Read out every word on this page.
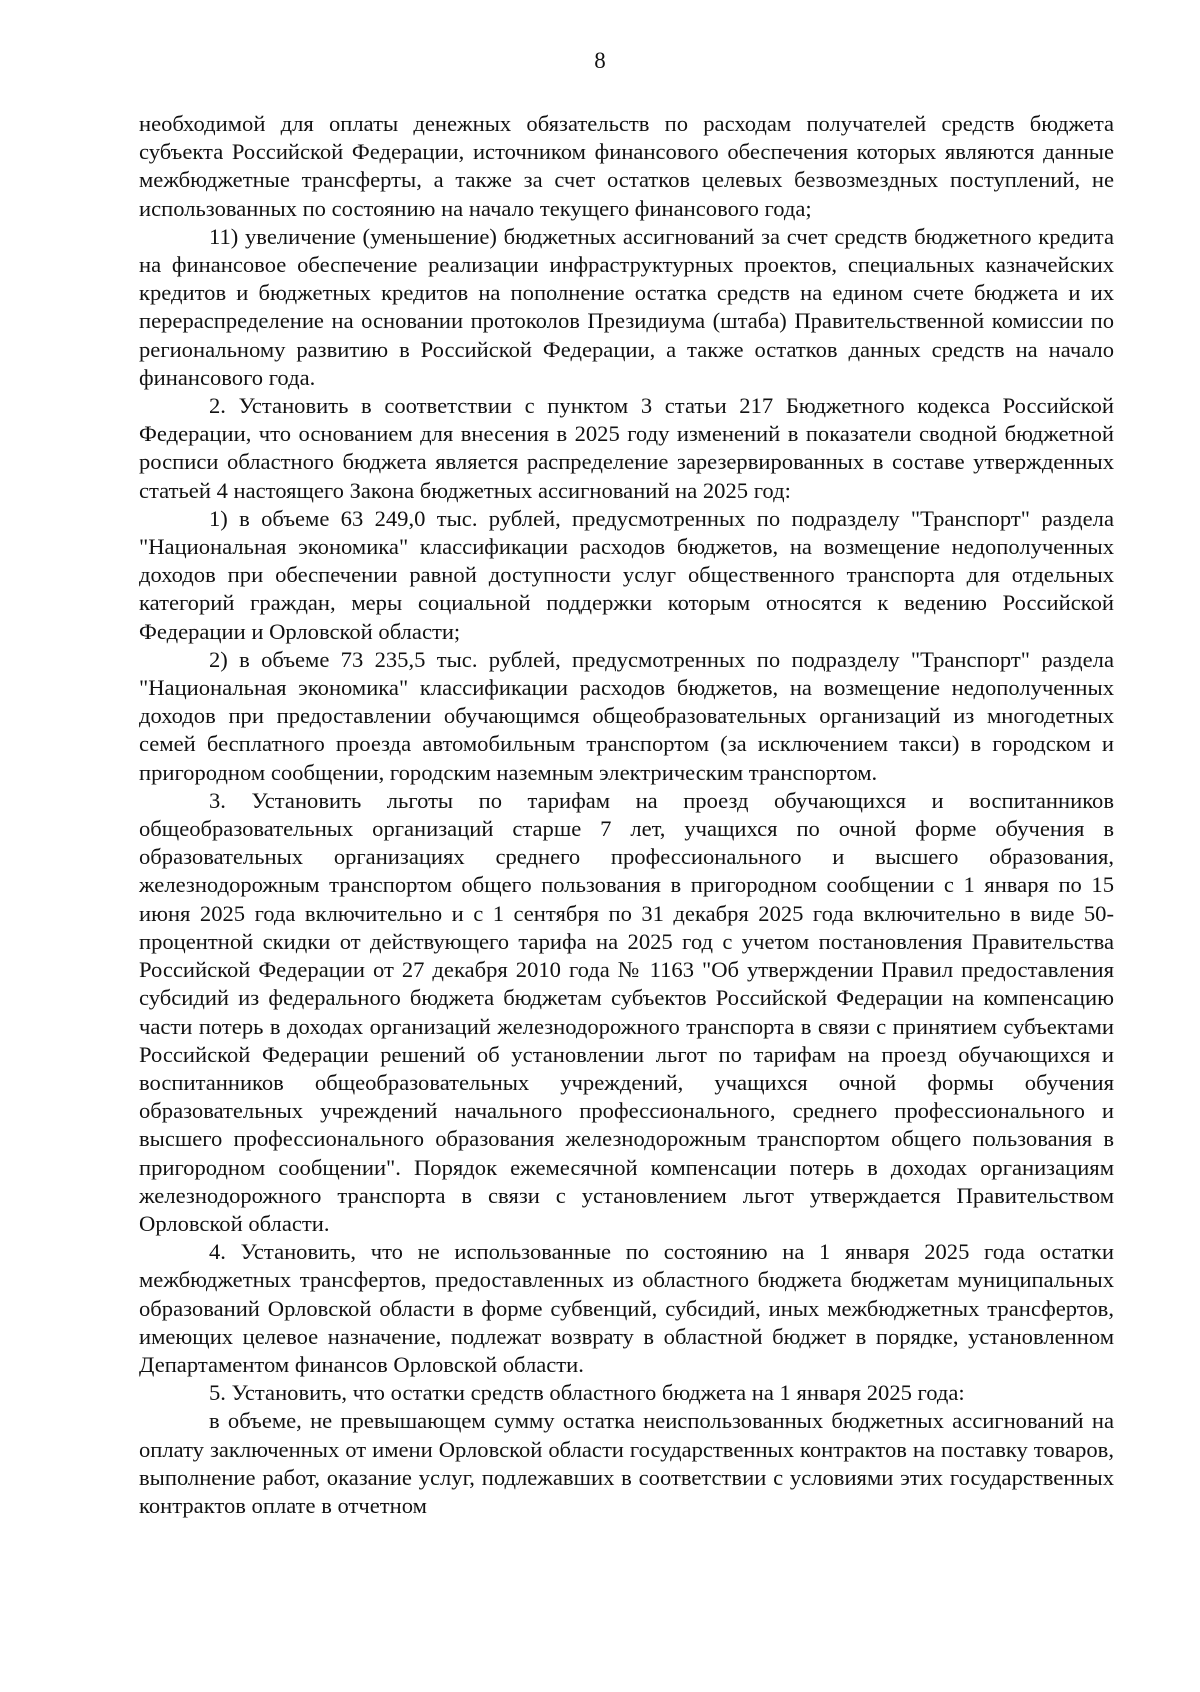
8

необходимой для оплаты денежных обязательств по расходам получателей средств бюджета субъекта Российской Федерации, источником финансового обеспечения которых являются данные межбюджетные трансферты, а также за счет остатков целевых безвозмездных поступлений, не использованных по состоянию на начало текущего финансового года;

11) увеличение (уменьшение) бюджетных ассигнований за счет средств бюджетного кредита на финансовое обеспечение реализации инфраструктурных проектов, специальных казначейских кредитов и бюджетных кредитов на пополнение остатка средств на едином счете бюджета и их перераспределение на основании протоколов Президиума (штаба) Правительственной комиссии по региональному развитию в Российской Федерации, а также остатков данных средств на начало финансового года.

2. Установить в соответствии с пунктом 3 статьи 217 Бюджетного кодекса Российской Федерации, что основанием для внесения в 2025 году изменений в показатели сводной бюджетной росписи областного бюджета является распределение зарезервированных в составе утвержденных статьей 4 настоящего Закона бюджетных ассигнований на 2025 год:

1) в объеме 63 249,0 тыс. рублей, предусмотренных по подразделу "Транспорт" раздела "Национальная экономика" классификации расходов бюджетов, на возмещение недополученных доходов при обеспечении равной доступности услуг общественного транспорта для отдельных категорий граждан, меры социальной поддержки которым относятся к ведению Российской Федерации и Орловской области;

2) в объеме 73 235,5 тыс. рублей, предусмотренных по подразделу "Транспорт" раздела "Национальная экономика" классификации расходов бюджетов, на возмещение недополученных доходов при предоставлении обучающимся общеобразовательных организаций из многодетных семей бесплатного проезда автомобильным транспортом (за исключением такси) в городском и пригородном сообщении, городским наземным электрическим транспортом.

3. Установить льготы по тарифам на проезд обучающихся и воспитанников общеобразовательных организаций старше 7 лет, учащихся по очной форме обучения в образовательных организациях среднего профессионального и высшего образования, железнодорожным транспортом общего пользования в пригородном сообщении с 1 января по 15 июня 2025 года включительно и с 1 сентября по 31 декабря 2025 года включительно в виде 50-процентной скидки от действующего тарифа на 2025 год с учетом постановления Правительства Российской Федерации от 27 декабря 2010 года № 1163 "Об утверждении Правил предоставления субсидий из федерального бюджета бюджетам субъектов Российской Федерации на компенсацию части потерь в доходах организаций железнодорожного транспорта в связи с принятием субъектами Российской Федерации решений об установлении льгот по тарифам на проезд обучающихся и воспитанников общеобразовательных учреждений, учащихся очной формы обучения образовательных учреждений начального профессионального, среднего профессионального и высшего профессионального образования железнодорожным транспортом общего пользования в пригородном сообщении". Порядок ежемесячной компенсации потерь в доходах организациям железнодорожного транспорта в связи с установлением льгот утверждается Правительством Орловской области.

4. Установить, что не использованные по состоянию на 1 января 2025 года остатки межбюджетных трансфертов, предоставленных из областного бюджета бюджетам муниципальных образований Орловской области в форме субвенций, субсидий, иных межбюджетных трансфертов, имеющих целевое назначение, подлежат возврату в областной бюджет в порядке, установленном Департаментом финансов Орловской области.

5. Установить, что остатки средств областного бюджета на 1 января 2025 года:

в объеме, не превышающем сумму остатка неиспользованных бюджетных ассигнований на оплату заключенных от имени Орловской области государственных контрактов на поставку товаров, выполнение работ, оказание услуг, подлежавших в соответствии с условиями этих государственных контрактов оплате в отчетном
